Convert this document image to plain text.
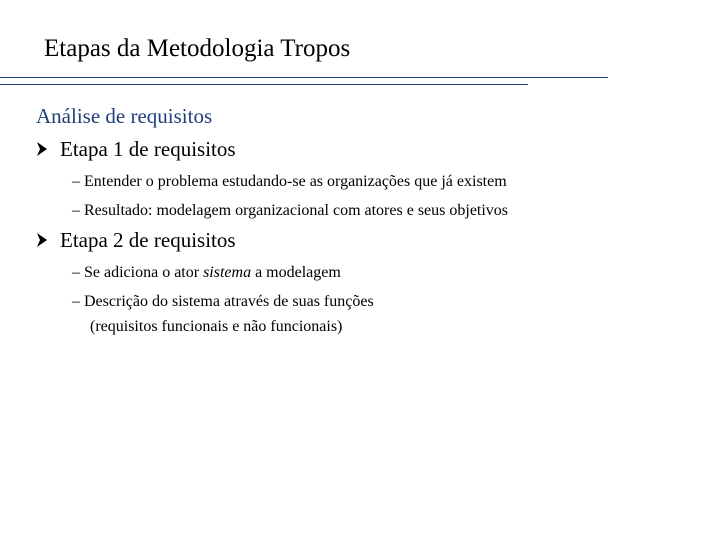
Etapas da Metodologia Tropos
Análise de requisitos
Etapa 1 de requisitos
– Entender o problema estudando-se as organizações que já existem
– Resultado: modelagem organizacional com atores e seus objetivos
Etapa 2 de requisitos
– Se adiciona o ator sistema a modelagem
– Descrição do sistema através de suas funções
(requisitos funcionais e não funcionais)
